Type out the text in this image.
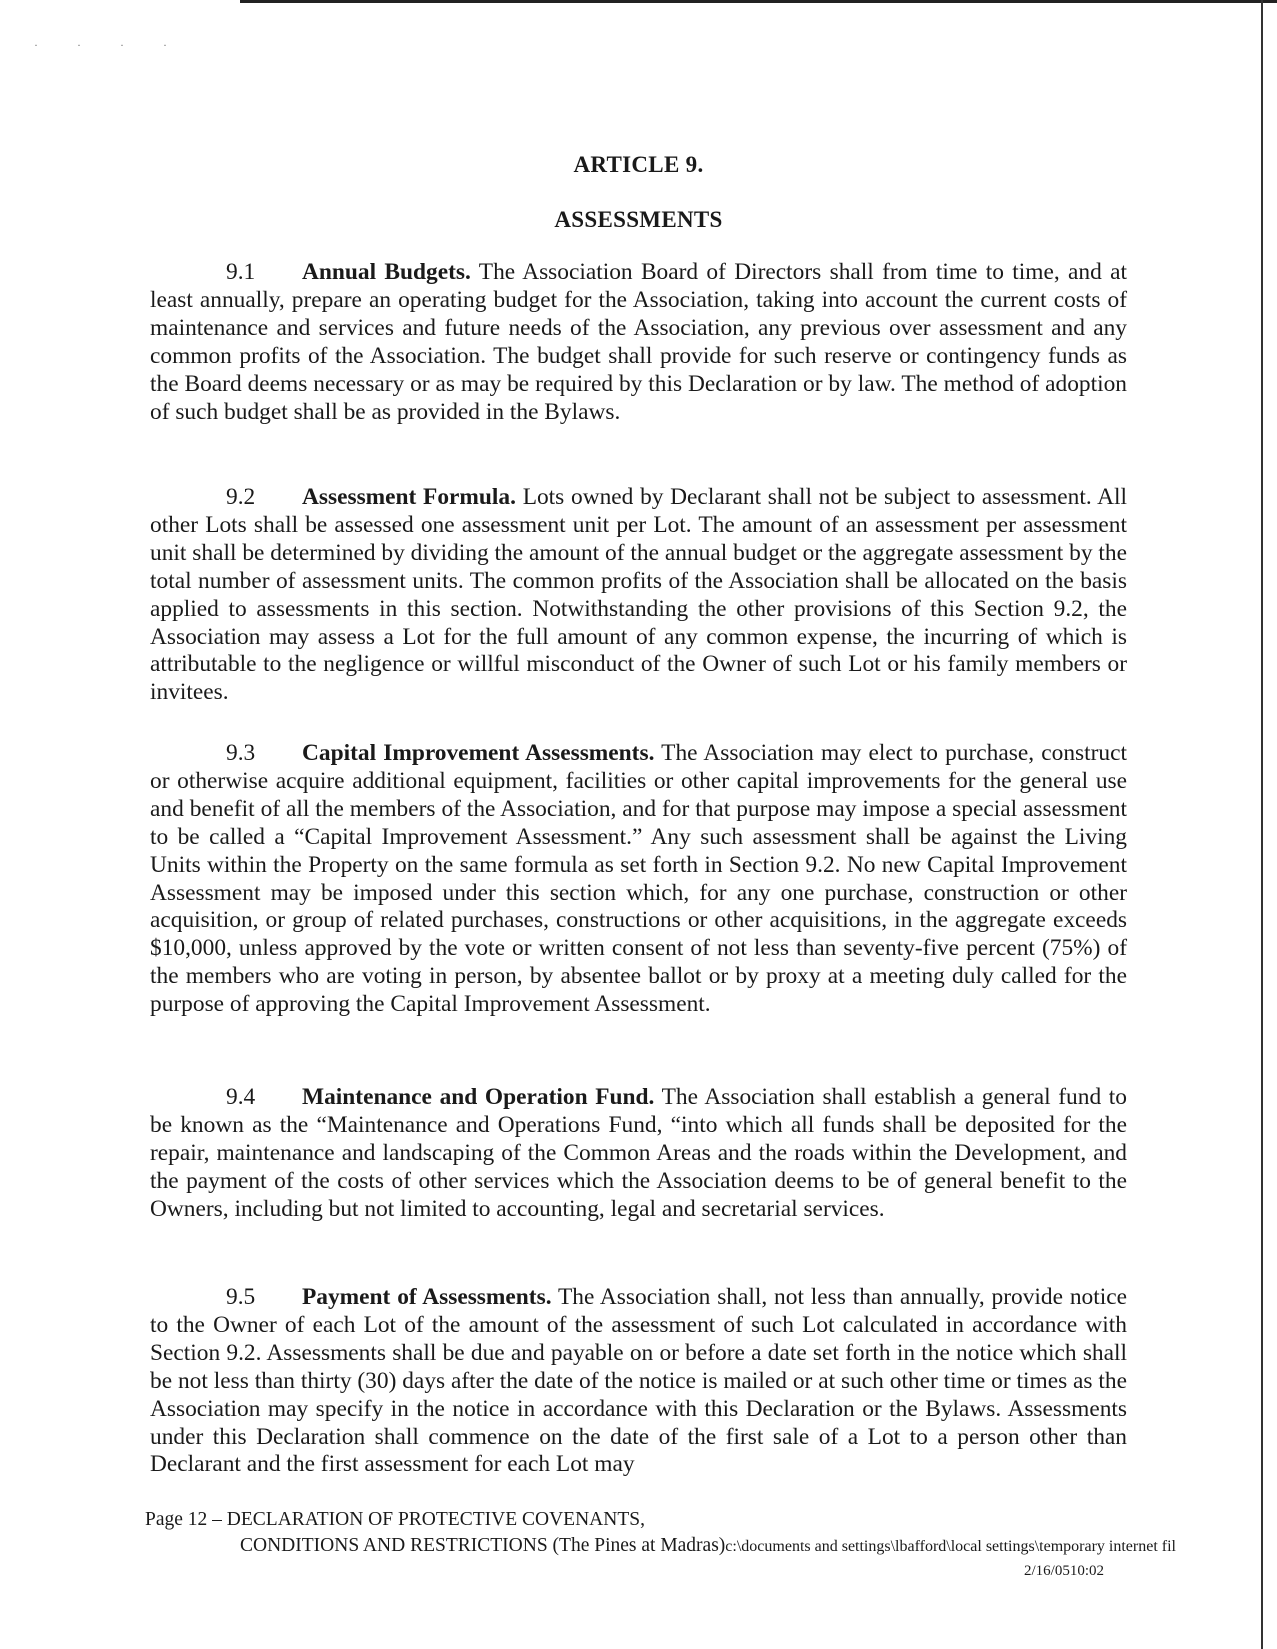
· · · ·
ARTICLE 9.
ASSESSMENTS

9.1 Annual Budgets. The Association Board of Directors shall from time to time, and at least annually, prepare an operating budget for the Association, taking into account the current costs of maintenance and services and future needs of the Association, any previous over assessment and any common profits of the Association. The budget shall provide for such reserve or contingency funds as the Board deems necessary or as may be required by this Declaration or by law. The method of adoption of such budget shall be as provided in the Bylaws.

9.2 Assessment Formula. Lots owned by Declarant shall not be subject to assessment. All other Lots shall be assessed one assessment unit per Lot. The amount of an assessment per assessment unit shall be determined by dividing the amount of the annual budget or the aggregate assessment by the total number of assessment units. The common profits of the Association shall be allocated on the basis applied to assessments in this section. Notwithstanding the other provisions of this Section 9.2, the Association may assess a Lot for the full amount of any common expense, the incurring of which is attributable to the negligence or willful misconduct of the Owner of such Lot or his family members or invitees.

9.3 Capital Improvement Assessments. The Association may elect to purchase, construct or otherwise acquire additional equipment, facilities or other capital improvements for the general use and benefit of all the members of the Association, and for that purpose may impose a special assessment to be called a “Capital Improvement Assessment.” Any such assessment shall be against the Living Units within the Property on the same formula as set forth in Section 9.2. No new Capital Improvement Assessment may be imposed under this section which, for any one purchase, construction or other acquisition, or group of related purchases, constructions or other acquisitions, in the aggregate exceeds $10,000, unless approved by the vote or written consent of not less than seventy-five percent (75%) of the members who are voting in person, by absentee ballot or by proxy at a meeting duly called for the purpose of approving the Capital Improvement Assessment.

9.4 Maintenance and Operation Fund. The Association shall establish a general fund to be known as the “Maintenance and Operations Fund, “into which all funds shall be deposited for the repair, maintenance and landscaping of the Common Areas and the roads within the Development, and the payment of the costs of other services which the Association deems to be of general benefit to the Owners, including but not limited to accounting, legal and secretarial services.

9.5 Payment of Assessments. The Association shall, not less than annually, provide notice to the Owner of each Lot of the amount of the assessment of such Lot calculated in accordance with Section 9.2. Assessments shall be due and payable on or before a date set forth in the notice which shall be not less than thirty (30) days after the date of the notice is mailed or at such other time or times as the Association may specify in the notice in accordance with this Declaration or the Bylaws. Assessments under this Declaration shall commence on the date of the first sale of a Lot to a person other than Declarant and the first assessment for each Lot may

Page 12 – DECLARATION OF PROTECTIVE COVENANTS,
CONDITIONS AND RESTRICTIONS (The Pines at Madras)c:\documents and settings\lbafford\local settings\temporary internet fil
2/16/0510:02
